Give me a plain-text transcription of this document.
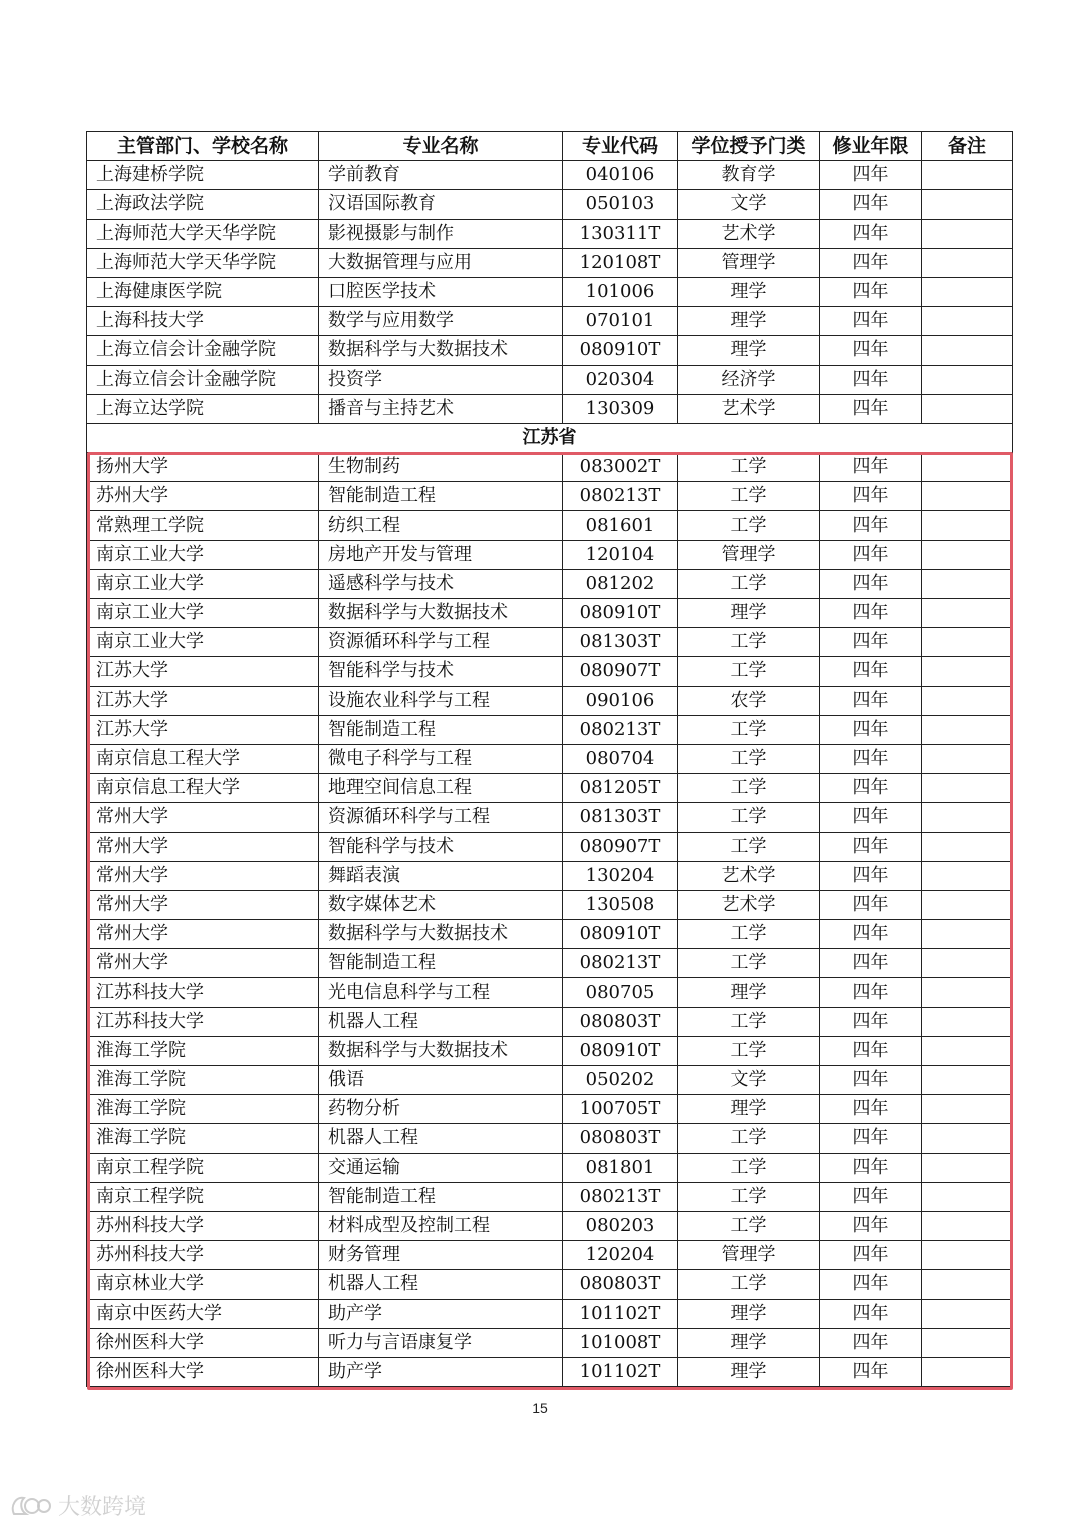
主管部门、学校名称	专业名称	专业代码	学位授予门类	修业年限	备注
上海建桥学院	学前教育	040106	教育学	四年	
上海政法学院	汉语国际教育	050103	文学	四年	
上海师范大学天华学院	影视摄影与制作	130311T	艺术学	四年	
上海师范大学天华学院	大数据管理与应用	120108T	管理学	四年	
上海健康医学院	口腔医学技术	101006	理学	四年	
上海科技大学	数学与应用数学	070101	理学	四年	
上海立信会计金融学院	数据科学与大数据技术	080910T	理学	四年	
上海立信会计金融学院	投资学	020304	经济学	四年	
上海立达学院	播音与主持艺术	130309	艺术学	四年	
江苏省					
扬州大学	生物制药	083002T	工学	四年	
苏州大学	智能制造工程	080213T	工学	四年	
常熟理工学院	纺织工程	081601	工学	四年	
南京工业大学	房地产开发与管理	120104	管理学	四年	
南京工业大学	遥感科学与技术	081202	工学	四年	
南京工业大学	数据科学与大数据技术	080910T	理学	四年	
南京工业大学	资源循环科学与工程	081303T	工学	四年	
江苏大学	智能科学与技术	080907T	工学	四年	
江苏大学	设施农业科学与工程	090106	农学	四年	
江苏大学	智能制造工程	080213T	工学	四年	
南京信息工程大学	微电子科学与工程	080704	工学	四年	
南京信息工程大学	地理空间信息工程	081205T	工学	四年	
常州大学	资源循环科学与工程	081303T	工学	四年	
常州大学	智能科学与技术	080907T	工学	四年	
常州大学	舞蹈表演	130204	艺术学	四年	
常州大学	数字媒体艺术	130508	艺术学	四年	
常州大学	数据科学与大数据技术	080910T	工学	四年	
常州大学	智能制造工程	080213T	工学	四年	
江苏科技大学	光电信息科学与工程	080705	理学	四年	
江苏科技大学	机器人工程	080803T	工学	四年	
淮海工学院	数据科学与大数据技术	080910T	工学	四年	
淮海工学院	俄语	050202	文学	四年	
淮海工学院	药物分析	100705T	理学	四年	
淮海工学院	机器人工程	080803T	工学	四年	
南京工程学院	交通运输	081801	工学	四年	
南京工程学院	智能制造工程	080213T	工学	四年	
苏州科技大学	材料成型及控制工程	080203	工学	四年	
苏州科技大学	财务管理	120204	管理学	四年	
南京林业大学	机器人工程	080803T	工学	四年	
南京中医药大学	助产学	101102T	理学	四年	
徐州医科大学	听力与言语康复学	101008T	理学	四年	
徐州医科大学	助产学	101102T	理学	四年	
15
大数跨境
